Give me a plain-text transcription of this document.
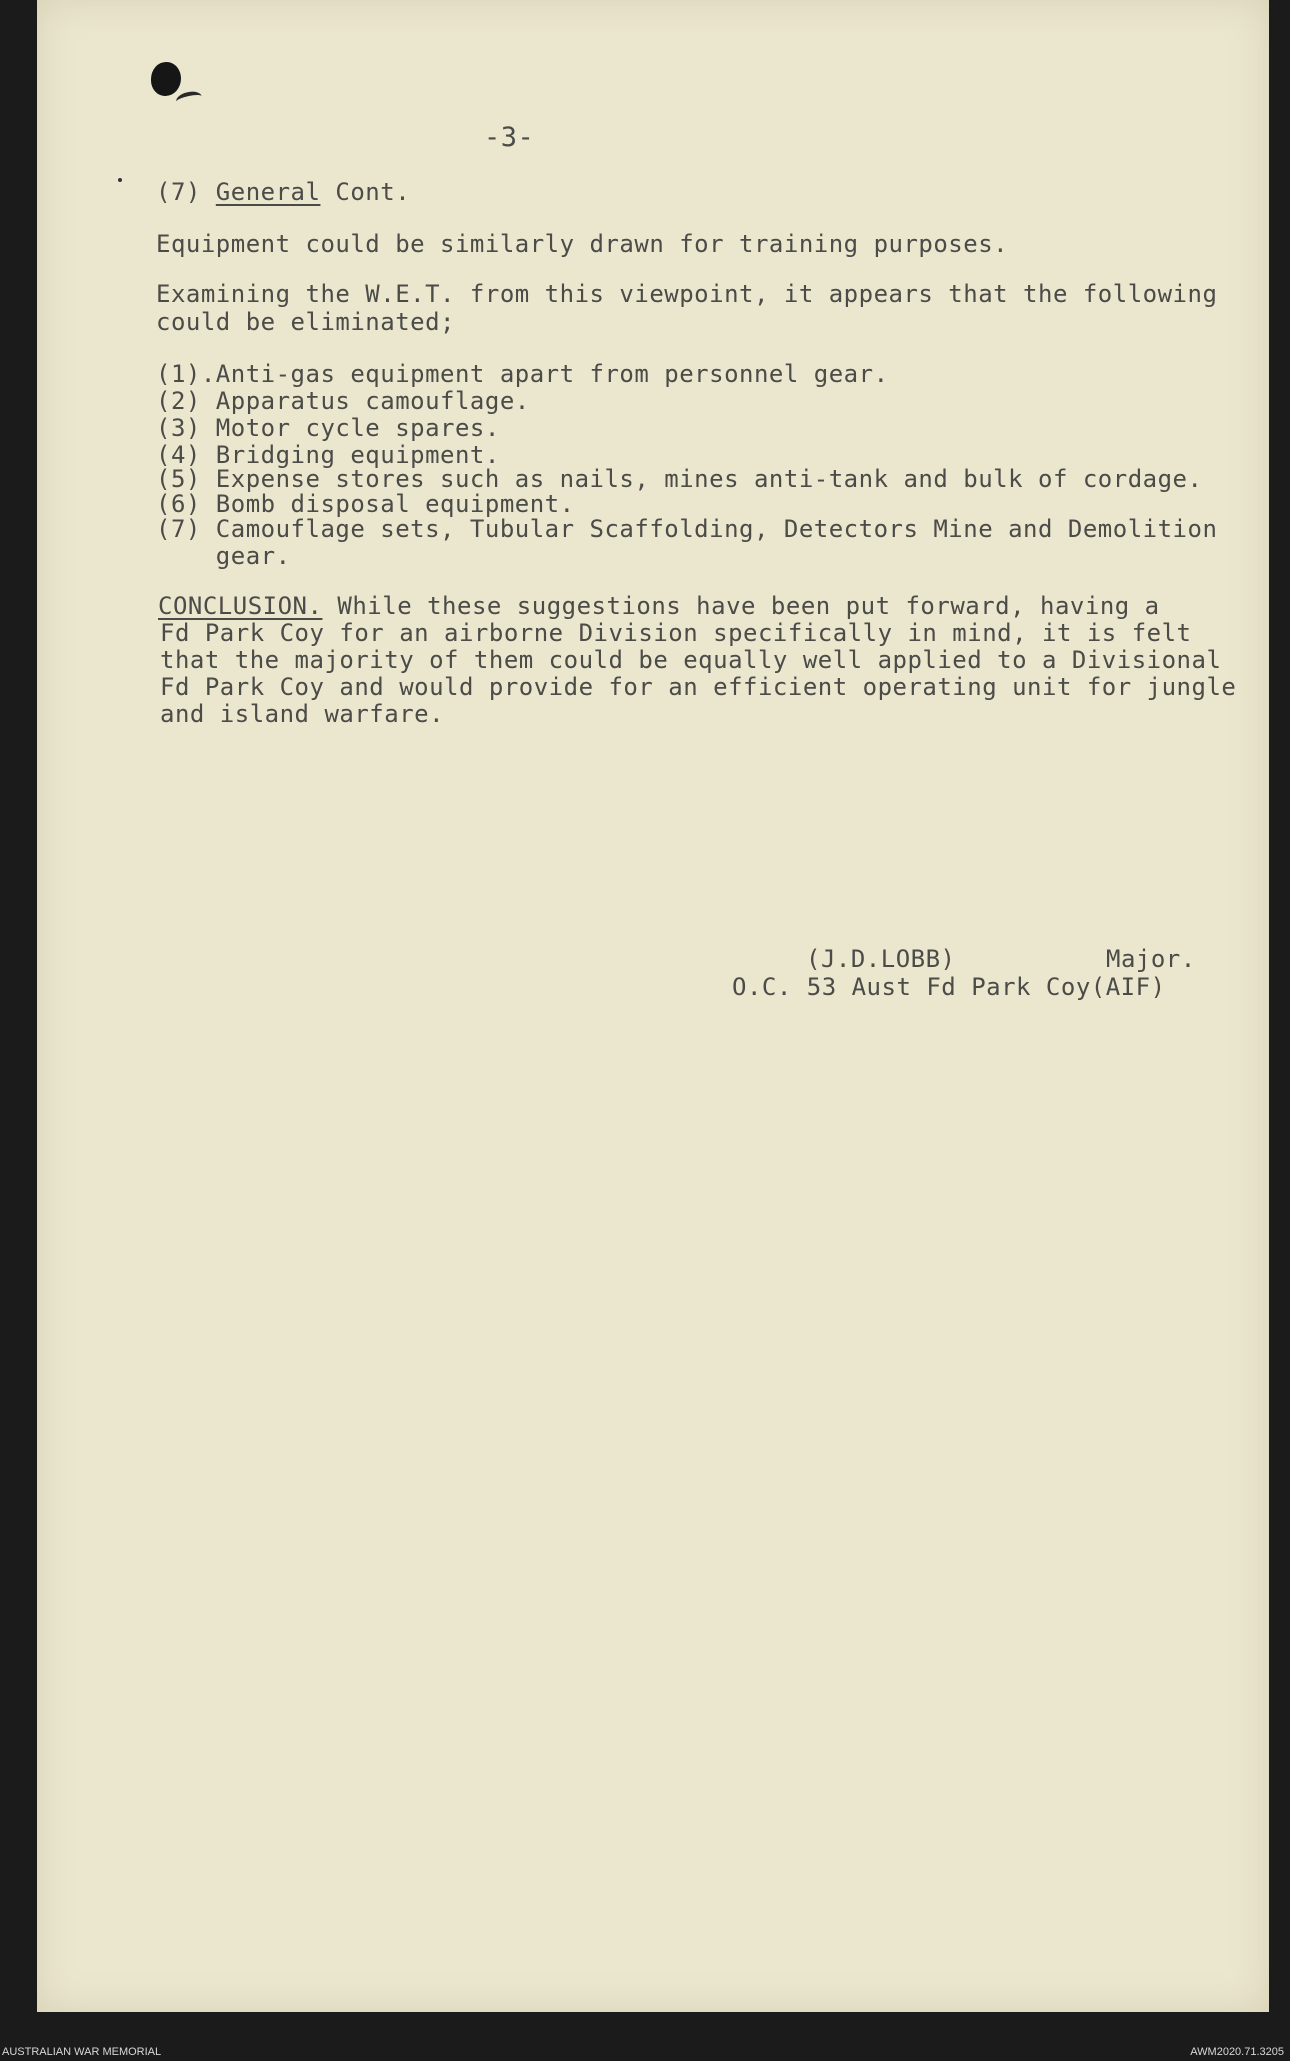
-3-
(7) General Cont.
Equipment could be similarly drawn for training purposes.
Examining the W.E.T. from this viewpoint, it appears that the following
could be eliminated;
(1).Anti-gas equipment apart from personnel gear.
(2) Apparatus camouflage.
(3) Motor cycle spares.
(4) Bridging equipment.
(5) Expense stores such as nails, mines anti-tank and bulk of cordage.
(6) Bomb disposal equipment.
(7) Camouflage sets, Tubular Scaffolding, Detectors Mine and Demolition
gear.
CONCLUSION. While these suggestions have been put forward, having a
Fd Park Coy for an airborne Division specifically in mind, it is felt
that the majority of them could be equally well applied to a Divisional
Fd Park Coy and would provide for an efficient operating unit for jungle
and island warfare.
(J.D.LOBB)	Major.
O.C. 53 Aust Fd Park Coy(AIF)
AUSTRALIAN WAR MEMORIAL	AWM2020.71.3205
